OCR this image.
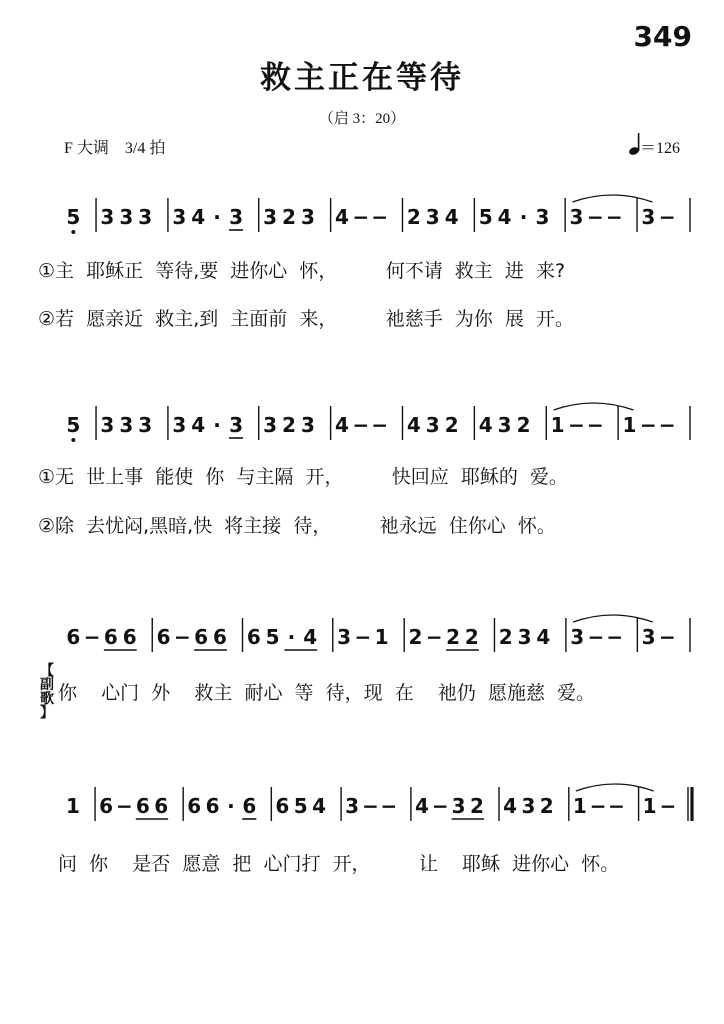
349
救主正在等待
（启 3：20）
F 大调　3/4 拍	＝126
5 3 3 3 3 4 · 3 3 2 3 4 − − 2 3 4 5 4 · 3 3 − − 3 −
①主  耶稣正  等待,要  进你心  怀，        何不请  救主  进  来?
②若  愿亲近  救主,到  主面前  来，        祂慈手  为你  展  开。
5 3 3 3 3 4 · 3 3 2 3 4 − − 4 3 2 4 3 2 1 − − 1 − −
①无  世上事  能使  你  与主隔  开，        快回应  耶稣的  爱。
②除  去忧闷,黑暗,快  将主接  待，        祂永远  住你心  怀。
6 − 6 6 6 − 6 6 6 5 · 4 3 − 1 2 − 2 2 2 3 4 3 − − 3 −
【
副
歌
】
你    心门  外    救主  耐心  等  待，现  在    祂仍  愿施慈  爱。
1 6 − 6 6 6 6 · 6 6 5 4 3 − − 4 − 3 2 4 3 2 1 − − 1 −
问  你    是否  愿意  把  心门打  开，        让    耶稣  进你心  怀。
